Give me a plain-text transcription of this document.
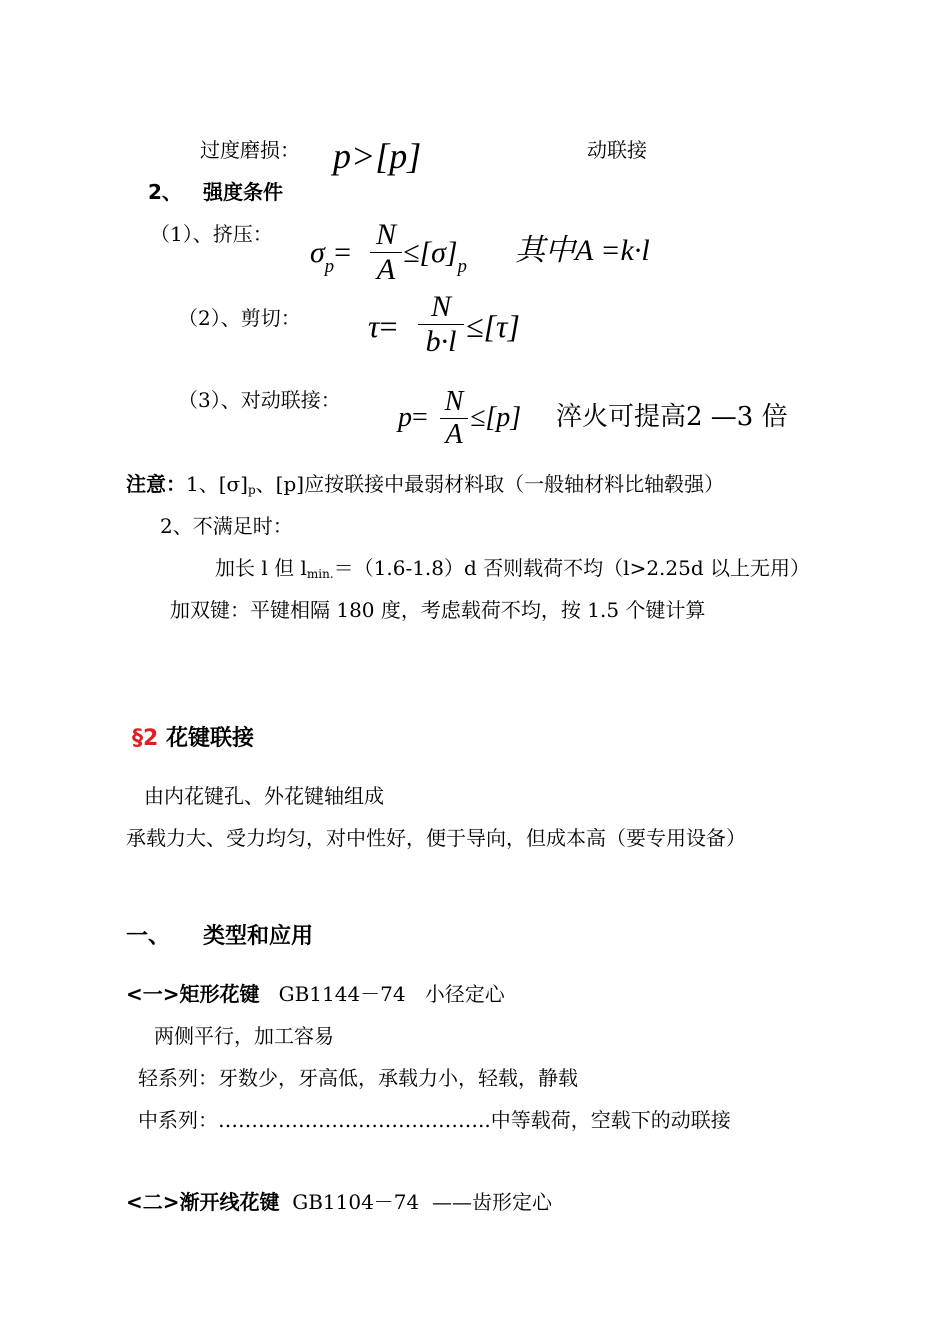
过度磨损： p>[p]	动联接
2、 强度条件
（1）、挤压：
$\sigma_p=$
N
A
$\le[\sigma]_p$ 其中A =k·l
（2）、剪切： τ=
N
b·l ≤[τ]
（3）、对动联接：
p=
N
A
≤[p] 淬火可提高2 —3 倍
注意：1、[σ]p、[p]应按联接中最弱材料取（一般轴材料比轴毂强）
2、不满足时：
加长 l 但 lmin.＝（1.6-1.8）d 否则载荷不均（l>2.25d 以上无用）
加双键：平键相隔 180 度，考虑载荷不均，按 1.5 个键计算
§2 花键联接
由内花键孔、外花键轴组成
承载力大、受力均匀，对中性好，便于导向，但成本高（要专用设备）
一、 类型和应用
<一>矩形花键 GB1144－74 小径定心
两侧平行，加工容易
轻系列：牙数少，牙高低，承载力小，轻载，静载
中系列：…………………………………..中等载荷，空载下的动联接
<二>渐开线花键 GB1104－74 ——齿形定心
